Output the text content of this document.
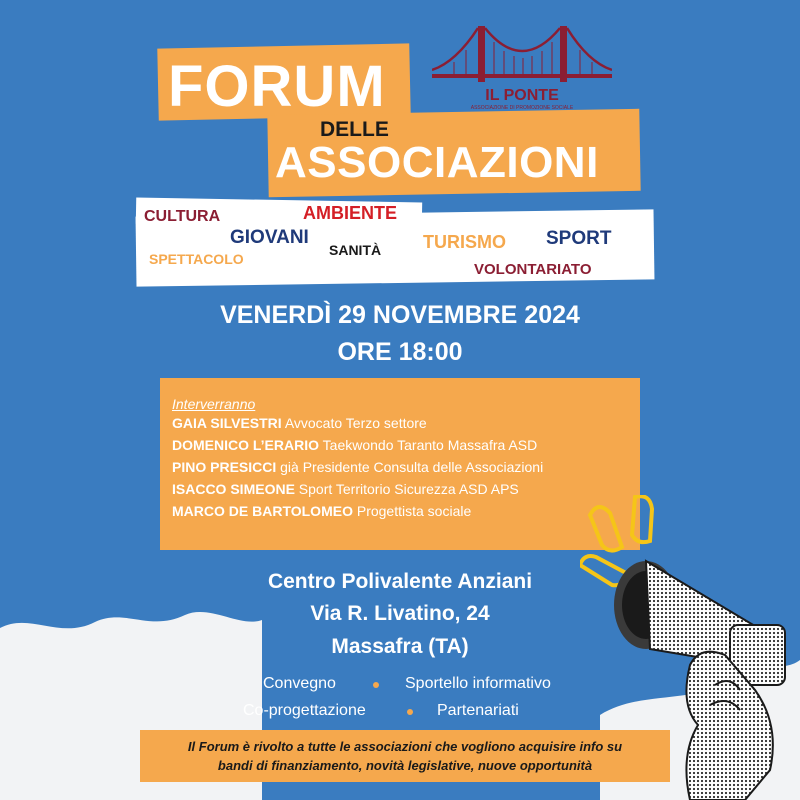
FORUM
DELLE
ASSOCIAZIONI
IL PONTE
ASSOCIAZIONE DI PROMOZIONE SOCIALE
CULTURA	AMBIENTE
GIOVANI
SANITÀ TURISMO SPORT
SPETTACOLO
VOLONTARIATO
VENERDÌ 29 NOVEMBRE 2024
ORE 18:00
Interverranno
GAIA SILVESTRI Avvocato Terzo settore
DOMENICO L’ERARIO Taekwondo Taranto Massafra ASD
PINO PRESICCI già Presidente Consulta delle Associazioni
ISACCO SIMEONE Sport Territorio Sicurezza ASD APS
MARCO DE BARTOLOMEO Progettista sociale
Centro Polivalente Anziani
Via R. Livatino, 24
Massafra (TA)
Convegno	Sportello informativo
Co-progettazione	Partenariati
Il Forum è rivolto a tutte le associazioni che vogliono acquisire info su
bandi di finanziamento, novità legislative, nuove opportunità
